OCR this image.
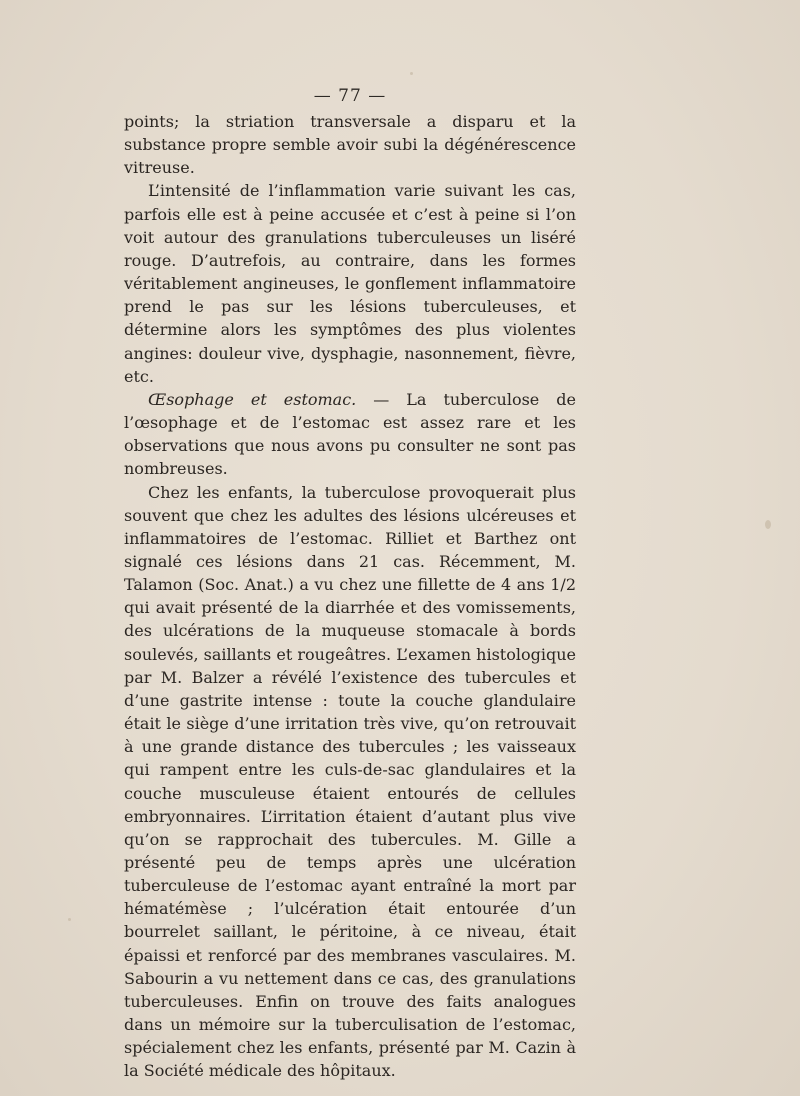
— 77 —

points; la striation transversale a disparu et la substance propre semble avoir subi la dégénérescence vitreuse.

L’intensité de l’inflammation varie suivant les cas, parfois elle est à peine accusée et c’est à peine si l’on voit autour des granulations tuberculeuses un liséré rouge. D’autrefois, au contraire, dans les formes véritablement angineuses, le gonflement inflammatoire prend le pas sur les lésions tuberculeuses, et détermine alors les symptômes des plus violentes angines: douleur vive, dysphagie, nasonnement, fièvre, etc.

Œsophage et estomac. — La tuberculose de l’œsophage et de l’estomac est assez rare et les observations que nous avons pu consulter ne sont pas nombreuses.

Chez les enfants, la tuberculose provoquerait plus souvent que chez les adultes des lésions ulcéreuses et inflammatoires de l’estomac. Rilliet et Barthez ont signalé ces lésions dans 21 cas. Récemment, M. Talamon (Soc. Anat.) a vu chez une fillette de 4 ans 1/2 qui avait présenté de la diarrhée et des vomissements, des ulcérations de la muqueuse stomacale à bords soulevés, saillants et rougeâtres. L’examen histologique par M. Balzer a révélé l’existence des tubercules et d’une gastrite intense : toute la couche glandulaire était le siège d’une irritation très vive, qu’on retrouvait à une grande distance des tubercules ; les vaisseaux qui rampent entre les culs-de-sac glandulaires et la couche musculeuse étaient entourés de cellules embryonnaires. L’irritation étaient d’autant plus vive qu’on se rapprochait des tubercules. M. Gille a présenté peu de temps après une ulcération tuberculeuse de l’estomac ayant entraîné la mort par hématémèse ; l’ulcération était entourée d’un bourrelet saillant, le péritoine, à ce niveau, était épaissi et renforcé par des membranes vasculaires. M. Sabourin a vu nettement dans ce cas, des granulations tuberculeuses. Enfin on trouve des faits analogues dans un mémoire sur la tuberculisation de l’estomac, spécialement chez les enfants, présenté par M. Cazin à la Société médicale des hôpitaux.
